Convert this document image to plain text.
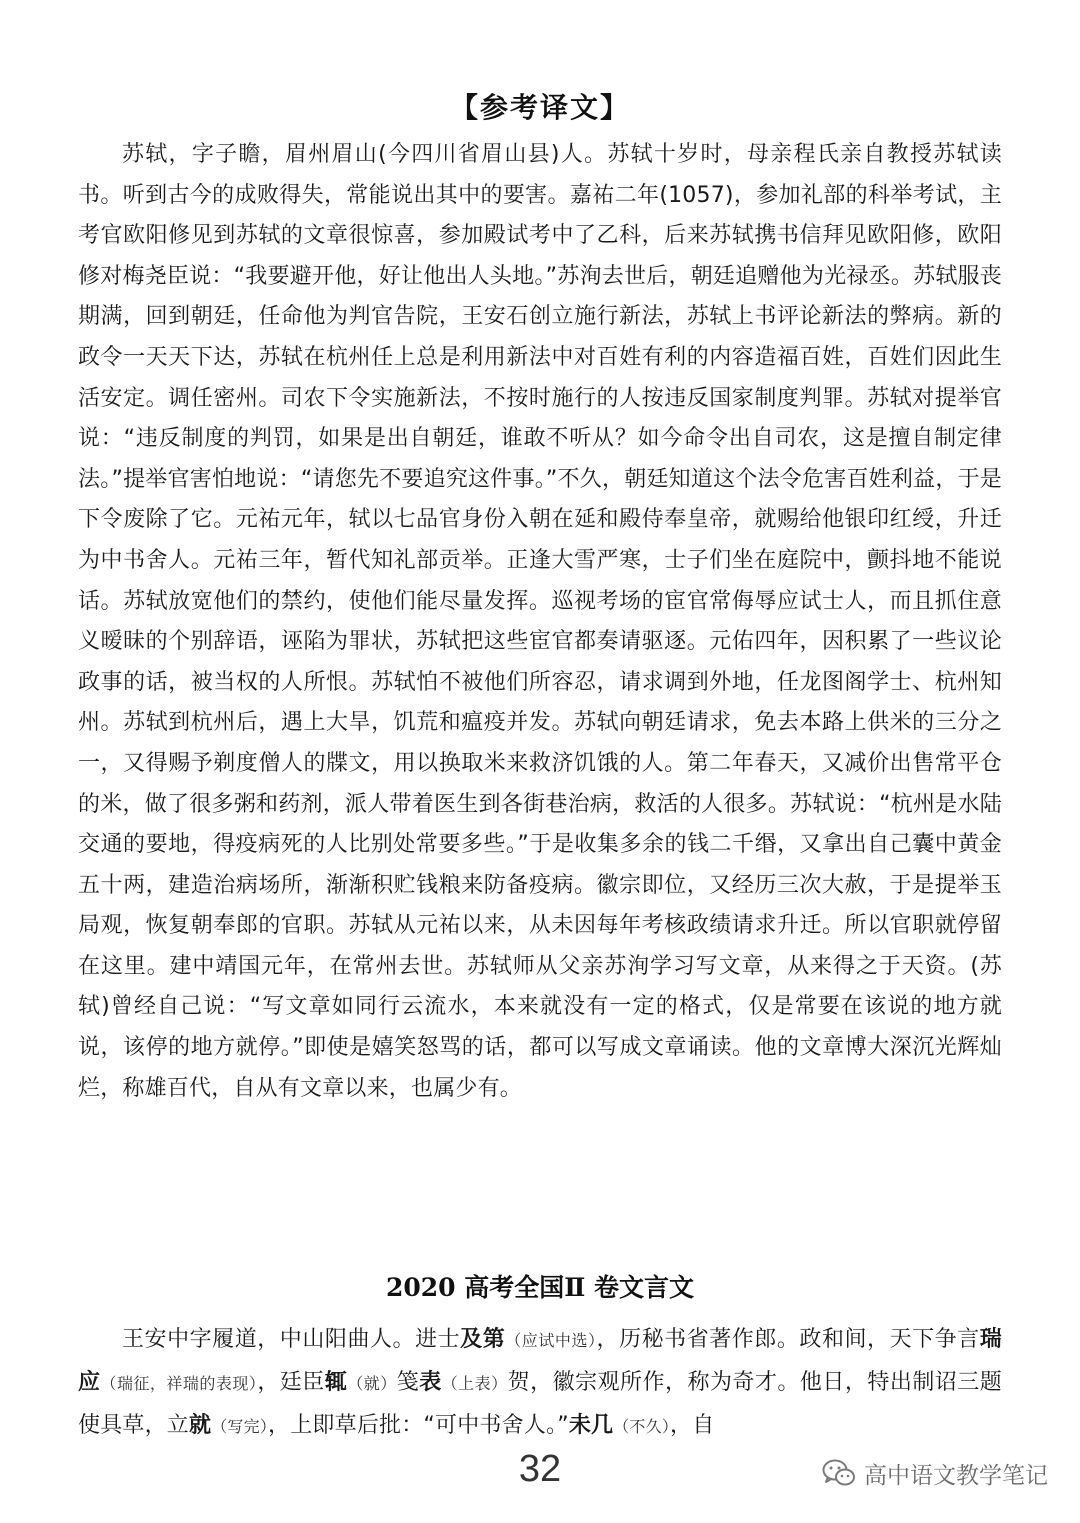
【参考译文】

苏轼，字子瞻，眉州眉山(今四川省眉山县)人。苏轼十岁时，母亲程氏亲自教授苏轼读书。听到古今的成败得失，常能说出其中的要害。嘉祐二年(1057)，参加礼部的科举考试，主考官欧阳修见到苏轼的文章很惊喜，参加殿试考中了乙科，后来苏轼携书信拜见欧阳修，欧阳修对梅尧臣说：“我要避开他，好让他出人头地。”苏洵去世后，朝廷追赠他为光禄丞。苏轼服丧期满，回到朝廷，任命他为判官告院，王安石创立施行新法，苏轼上书评论新法的弊病。新的政令一天天下达，苏轼在杭州任上总是利用新法中对百姓有利的内容造福百姓，百姓们因此生活安定。调任密州。司农下令实施新法，不按时施行的人按违反国家制度判罪。苏轼对提举官说：“违反制度的判罚，如果是出自朝廷，谁敢不听从？如今命令出自司农，这是擅自制定律法。”提举官害怕地说：“请您先不要追究这件事。”不久，朝廷知道这个法令危害百姓利益，于是下令废除了它。元祐元年，轼以七品官身份入朝在延和殿侍奉皇帝，就赐给他银印红绶，升迁为中书舍人。元祐三年，暂代知礼部贡举。正逢大雪严寒，士子们坐在庭院中，颤抖地不能说话。苏轼放宽他们的禁约，使他们能尽量发挥。巡视考场的宦官常侮辱应试士人，而且抓住意义暧昧的个别辞语，诬陷为罪状，苏轼把这些宦官都奏请驱逐。元佑四年，因积累了一些议论政事的话，被当权的人所恨。苏轼怕不被他们所容忍，请求调到外地，任龙图阁学士、杭州知州。苏轼到杭州后，遇上大旱，饥荒和瘟疫并发。苏轼向朝廷请求，免去本路上供米的三分之一，又得赐予剃度僧人的牒文，用以换取米来救济饥饿的人。第二年春天，又减价出售常平仓的米，做了很多粥和药剂，派人带着医生到各街巷治病，救活的人很多。苏轼说：“杭州是水陆交通的要地，得疫病死的人比别处常要多些。”于是收集多余的钱二千缗，又拿出自己囊中黄金五十两，建造治病场所，渐渐积贮钱粮来防备疫病。徽宗即位，又经历三次大赦，于是提举玉局观，恢复朝奉郎的官职。苏轼从元祐以来，从未因每年考核政绩请求升迁。所以官职就停留在这里。建中靖国元年，在常州去世。苏轼师从父亲苏洵学习写文章，从来得之于天资。(苏轼)曾经自己说：“写文章如同行云流水，本来就没有一定的格式，仅是常要在该说的地方就说，该停的地方就停。”即使是嬉笑怒骂的话，都可以写成文章诵读。他的文章博大深沉光辉灿烂，称雄百代，自从有文章以来，也属少有。

2020 高考全国Ⅱ 卷文言文

王安中字履道，中山阳曲人。进士及第（应试中选），历秘书省著作郎。政和间，天下争言瑞应（瑞征，祥瑞的表现），廷臣辄（就）笺表（上表）贺，徽宗观所作，称为奇才。他日，特出制诏三题使具草，立就（写完），上即草后批：“可中书舍人。”未几（不久），自

32	高中语文教学笔记
